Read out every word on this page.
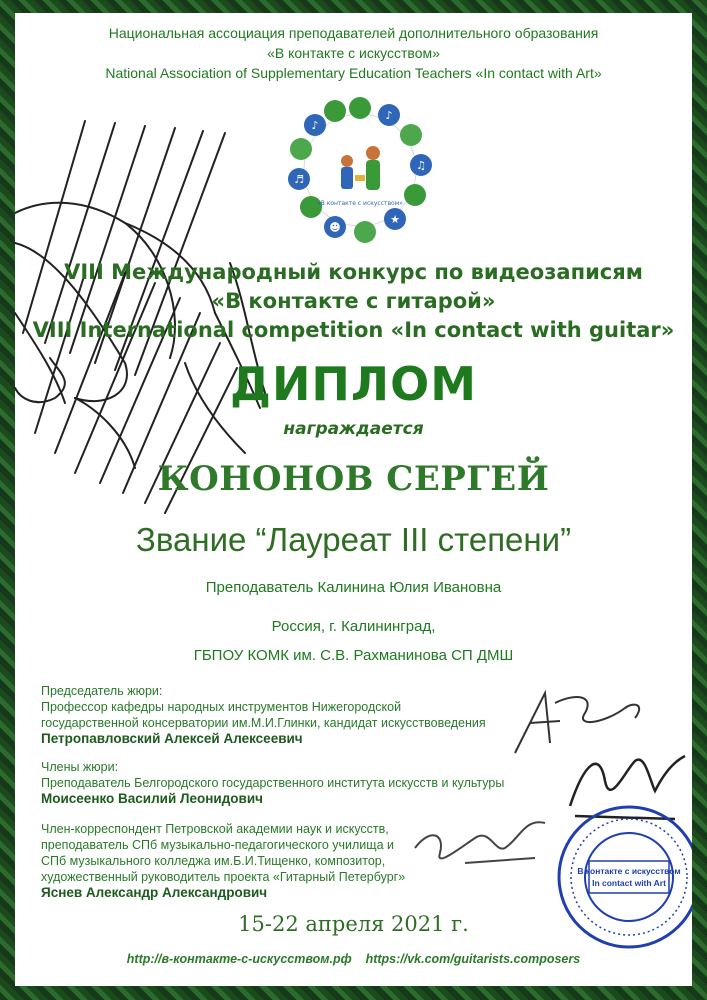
Национальная ассоциация преподавателей дополнительного образования
«В контакте с искусством»
National Association of Supplementary Education Teachers «In contact with Art»
♪
♫
★
☻
♬
♪
«В контакте с искусством»
VIII Международный конкурс по видеозаписям
«В контакте с гитарой»
VIII International competition «In contact with guitar»
ДИПЛОМ
награждается
КОНОНОВ СЕРГЕЙ
Звание “Лауреат III степени”
Преподаватель Калинина Юлия Ивановна
Россия, г. Калининград,
ГБПОУ КОМК им. С.В. Рахманинова СП ДМШ
Председатель жюри:
Профессор кафедры народных инструментов Нижегородской
государственной консерватории им.М.И.Глинки, кандидат искусствоведения
Петропавловский Алексей Алексеевич
Члены жюри:
Преподаватель Белгородского государственного института искусств и культуры
Моисеенко Василий Леонидович
Член-корреспондент Петровской академии наук и искусств,
преподаватель СПб музыкально-педагогического училища и
СПб музыкального колледжа им.Б.И.Тищенко, композитор,
художественный руководитель проекта «Гитарный Петербург»
Яснев Александр Александрович
В контакте с искусством
In contact with Art
15-22 апреля 2021 г.
http://в-контакте-с-искусством.рф https://vk.com/guitarists.composers
